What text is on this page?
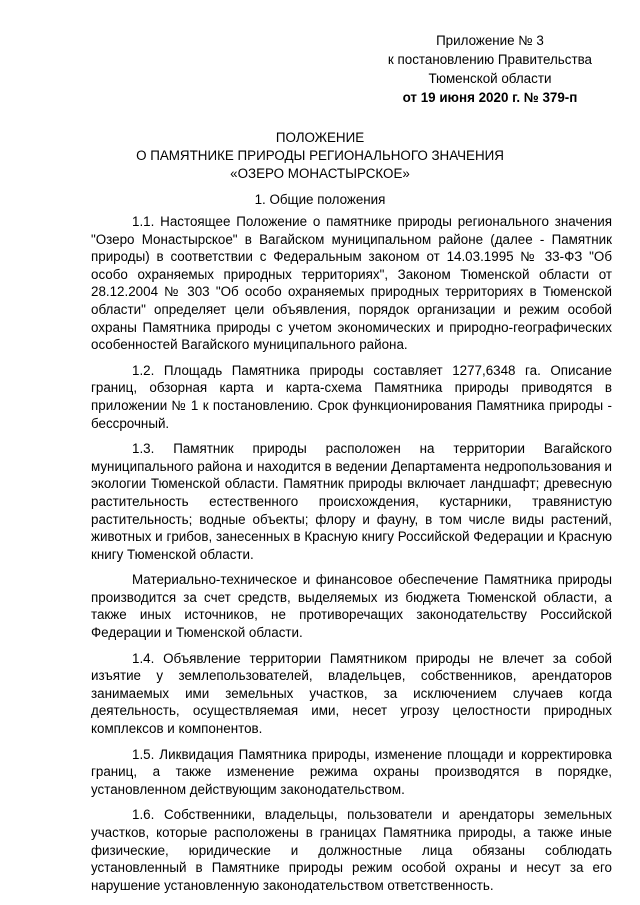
Приложение № 3
к постановлению Правительства
Тюменской области
от 19 июня 2020 г. № 379-п
ПОЛОЖЕНИЕ
О ПАМЯТНИКЕ ПРИРОДЫ РЕГИОНАЛЬНОГО ЗНАЧЕНИЯ
«ОЗЕРО МОНАСТЫРСКОЕ»
1. Общие положения

1.1. Настоящее Положение о памятнике природы регионального значения "Озеро Монастырское" в Вагайском муниципальном районе (далее - Памятник природы) в соответствии с Федеральным законом от 14.03.1995 № 33-ФЗ "Об особо охраняемых природных территориях", Законом Тюменской области от 28.12.2004 № 303 "Об особо охраняемых природных территориях в Тюменской области" определяет цели объявления, порядок организации и режим особой охраны Памятника природы с учетом экономических и природно-географических особенностей Вагайского муниципального района.

1.2. Площадь Памятника природы составляет 1277,6348 га. Описание границ, обзорная карта и карта-схема Памятника природы приводятся в приложении № 1 к постановлению. Срок функционирования Памятника природы - бессрочный.

1.3. Памятник природы расположен на территории Вагайского муниципального района и находится в ведении Департамента недропользования и экологии Тюменской области. Памятник природы включает ландшафт; древесную растительность естественного происхождения, кустарники, травянистую растительность; водные объекты; флору и фауну, в том числе виды растений, животных и грибов, занесенных в Красную книгу Российской Федерации и Красную книгу Тюменской области.

Материально-техническое и финансовое обеспечение Памятника природы производится за счет средств, выделяемых из бюджета Тюменской области, а также иных источников, не противоречащих законодательству Российской Федерации и Тюменской области.

1.4. Объявление территории Памятником природы не влечет за собой изъятие у землепользователей, владельцев, собственников, арендаторов занимаемых ими земельных участков, за исключением случаев когда деятельность, осуществляемая ими, несет угрозу целостности природных комплексов и компонентов.

1.5. Ликвидация Памятника природы, изменение площади и корректировка границ, а также изменение режима охраны производятся в порядке, установленном действующим законодательством.

1.6. Собственники, владельцы, пользователи и арендаторы земельных участков, которые расположены в границах Памятника природы, а также иные физические, юридические и должностные лица обязаны соблюдать установленный в Памятнике природы режим особой охраны и несут за его нарушение установленную законодательством ответственность.
